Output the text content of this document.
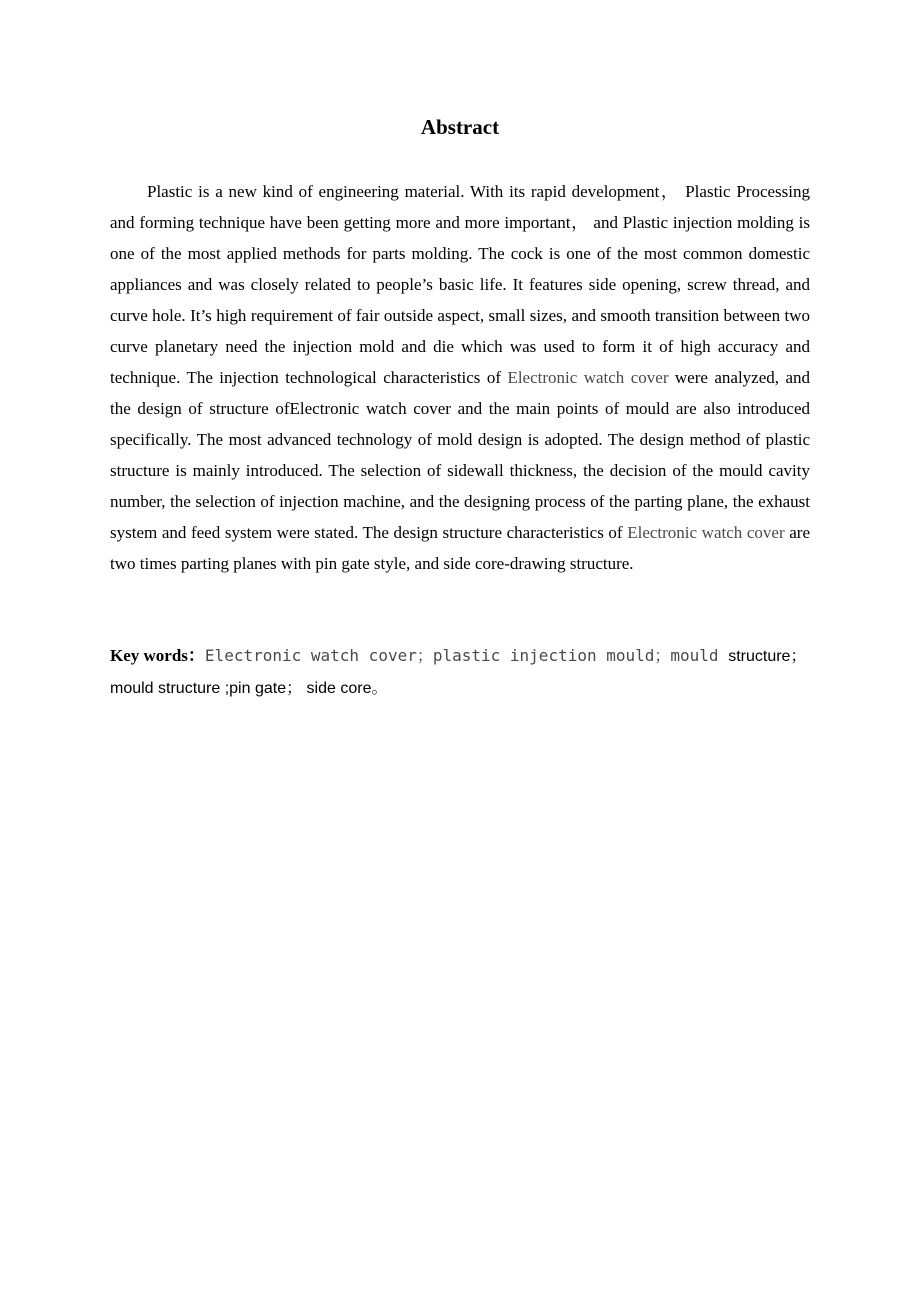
Abstract

Plastic is a new kind of engineering material. With its rapid development， Plastic Processing and forming technique have been getting more and more important， and Plastic injection molding is one of the most applied methods for parts molding. The cock is one of the most common domestic appliances and was closely related to people’s basic life. It features side opening, screw thread, and curve hole. It’s high requirement of fair outside aspect, small sizes, and smooth transition between two curve planetary need the injection mold and die which was used to form it of high accuracy and technique. The injection technological characteristics of Electronic watch cover were analyzed, and the design of structure ofElectronic watch cover and the main points of mould are also introduced specifically. The most advanced technology of mold design is adopted. The design method of plastic structure is mainly introduced. The selection of sidewall thickness, the decision of the mould cavity number, the selection of injection machine, and the designing process of the parting plane, the exhaust system and feed system were stated. The design structure characteristics of Electronic watch cover are two times parting planes with pin gate style, and side core-drawing structure.

Key words：Electronic watch cover；plastic injection mould；mould structure；
mould structure ;pin gate； side core。
